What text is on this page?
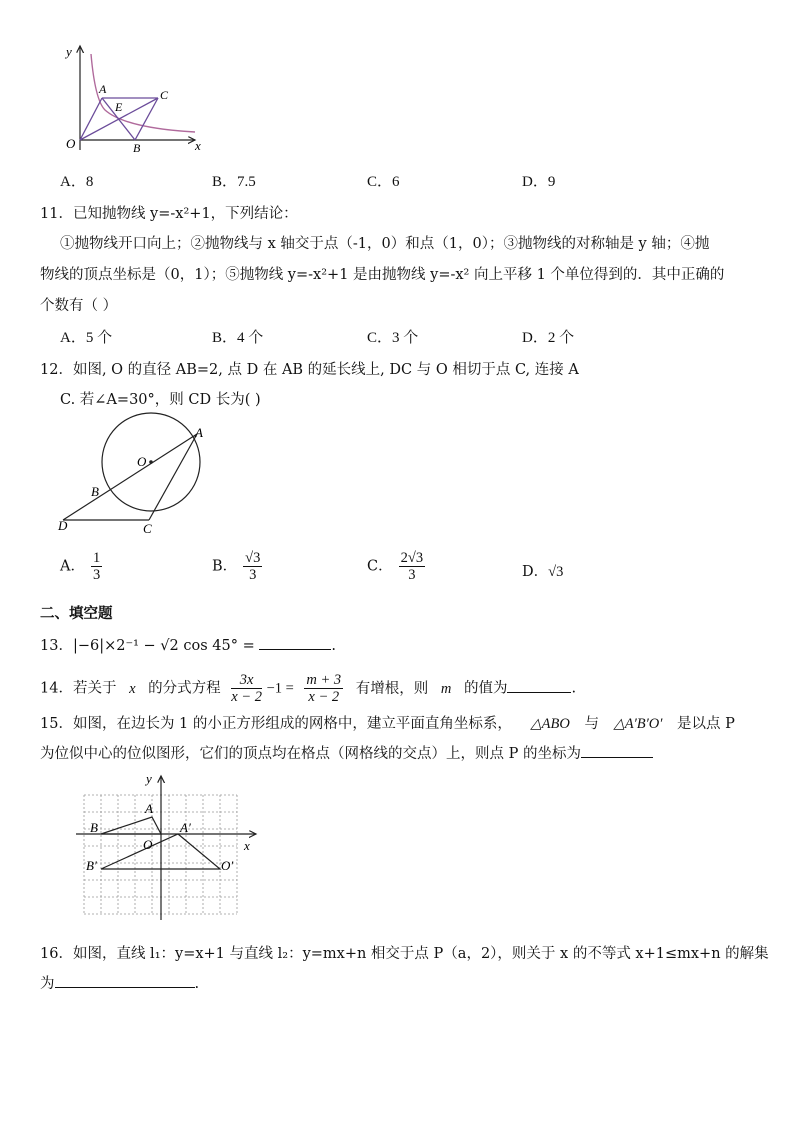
y
x
O
A
E
C
B
A．8	B．7.5	C．6	D．9
11．已知抛物线 y=-x²+1，下列结论：
①抛物线开口向上；②抛物线与 x 轴交于点（-1，0）和点（1，0）；③抛物线的对称轴是 y 轴；④抛
物线的顶点坐标是（0，1）；⑤抛物线 y=-x²+1 是由抛物线 y=-x² 向上平移 1 个单位得到的．其中正确的
个数有（ ）
A．5 个	B．4 个	C．3 个	D．2 个
12．如图, O 的直径 AB=2, 点 D 在 AB 的延长线上, DC 与 O 相切于点 C, 连接 A
C. 若∠A=30°，则 CD 长为( )
O
A
B
D	C
A． $\frac{1}{3}$	B． $\frac{√3}{3}$	C． $\frac{2√3}{3}$	D．√3
二、填空题
13．|−6|×2⁻¹ − √2 cos 45° =	.
14．若关于 x 的分式方程 $\frac{3x}{x - 2} -1 = \frac{m + 3}{x - 2}$ 有增根，则 m 的值为	.
15．如图，在边长为 1 的小正方形组成的网格中，建立平面直角坐标系， △ABO 与 △A′B′O′ 是以点 P
为位似中心的位似图形，它们的顶点均在格点（网格线的交点）上，则点 P 的坐标为
y
x
A
B
O
A′
B′	O′
16．如图，直线 l₁：y=x+1 与直线 l₂：y=mx+n 相交于点 P（a，2），则关于 x 的不等式 x+1≤mx+n 的解集
为	.
